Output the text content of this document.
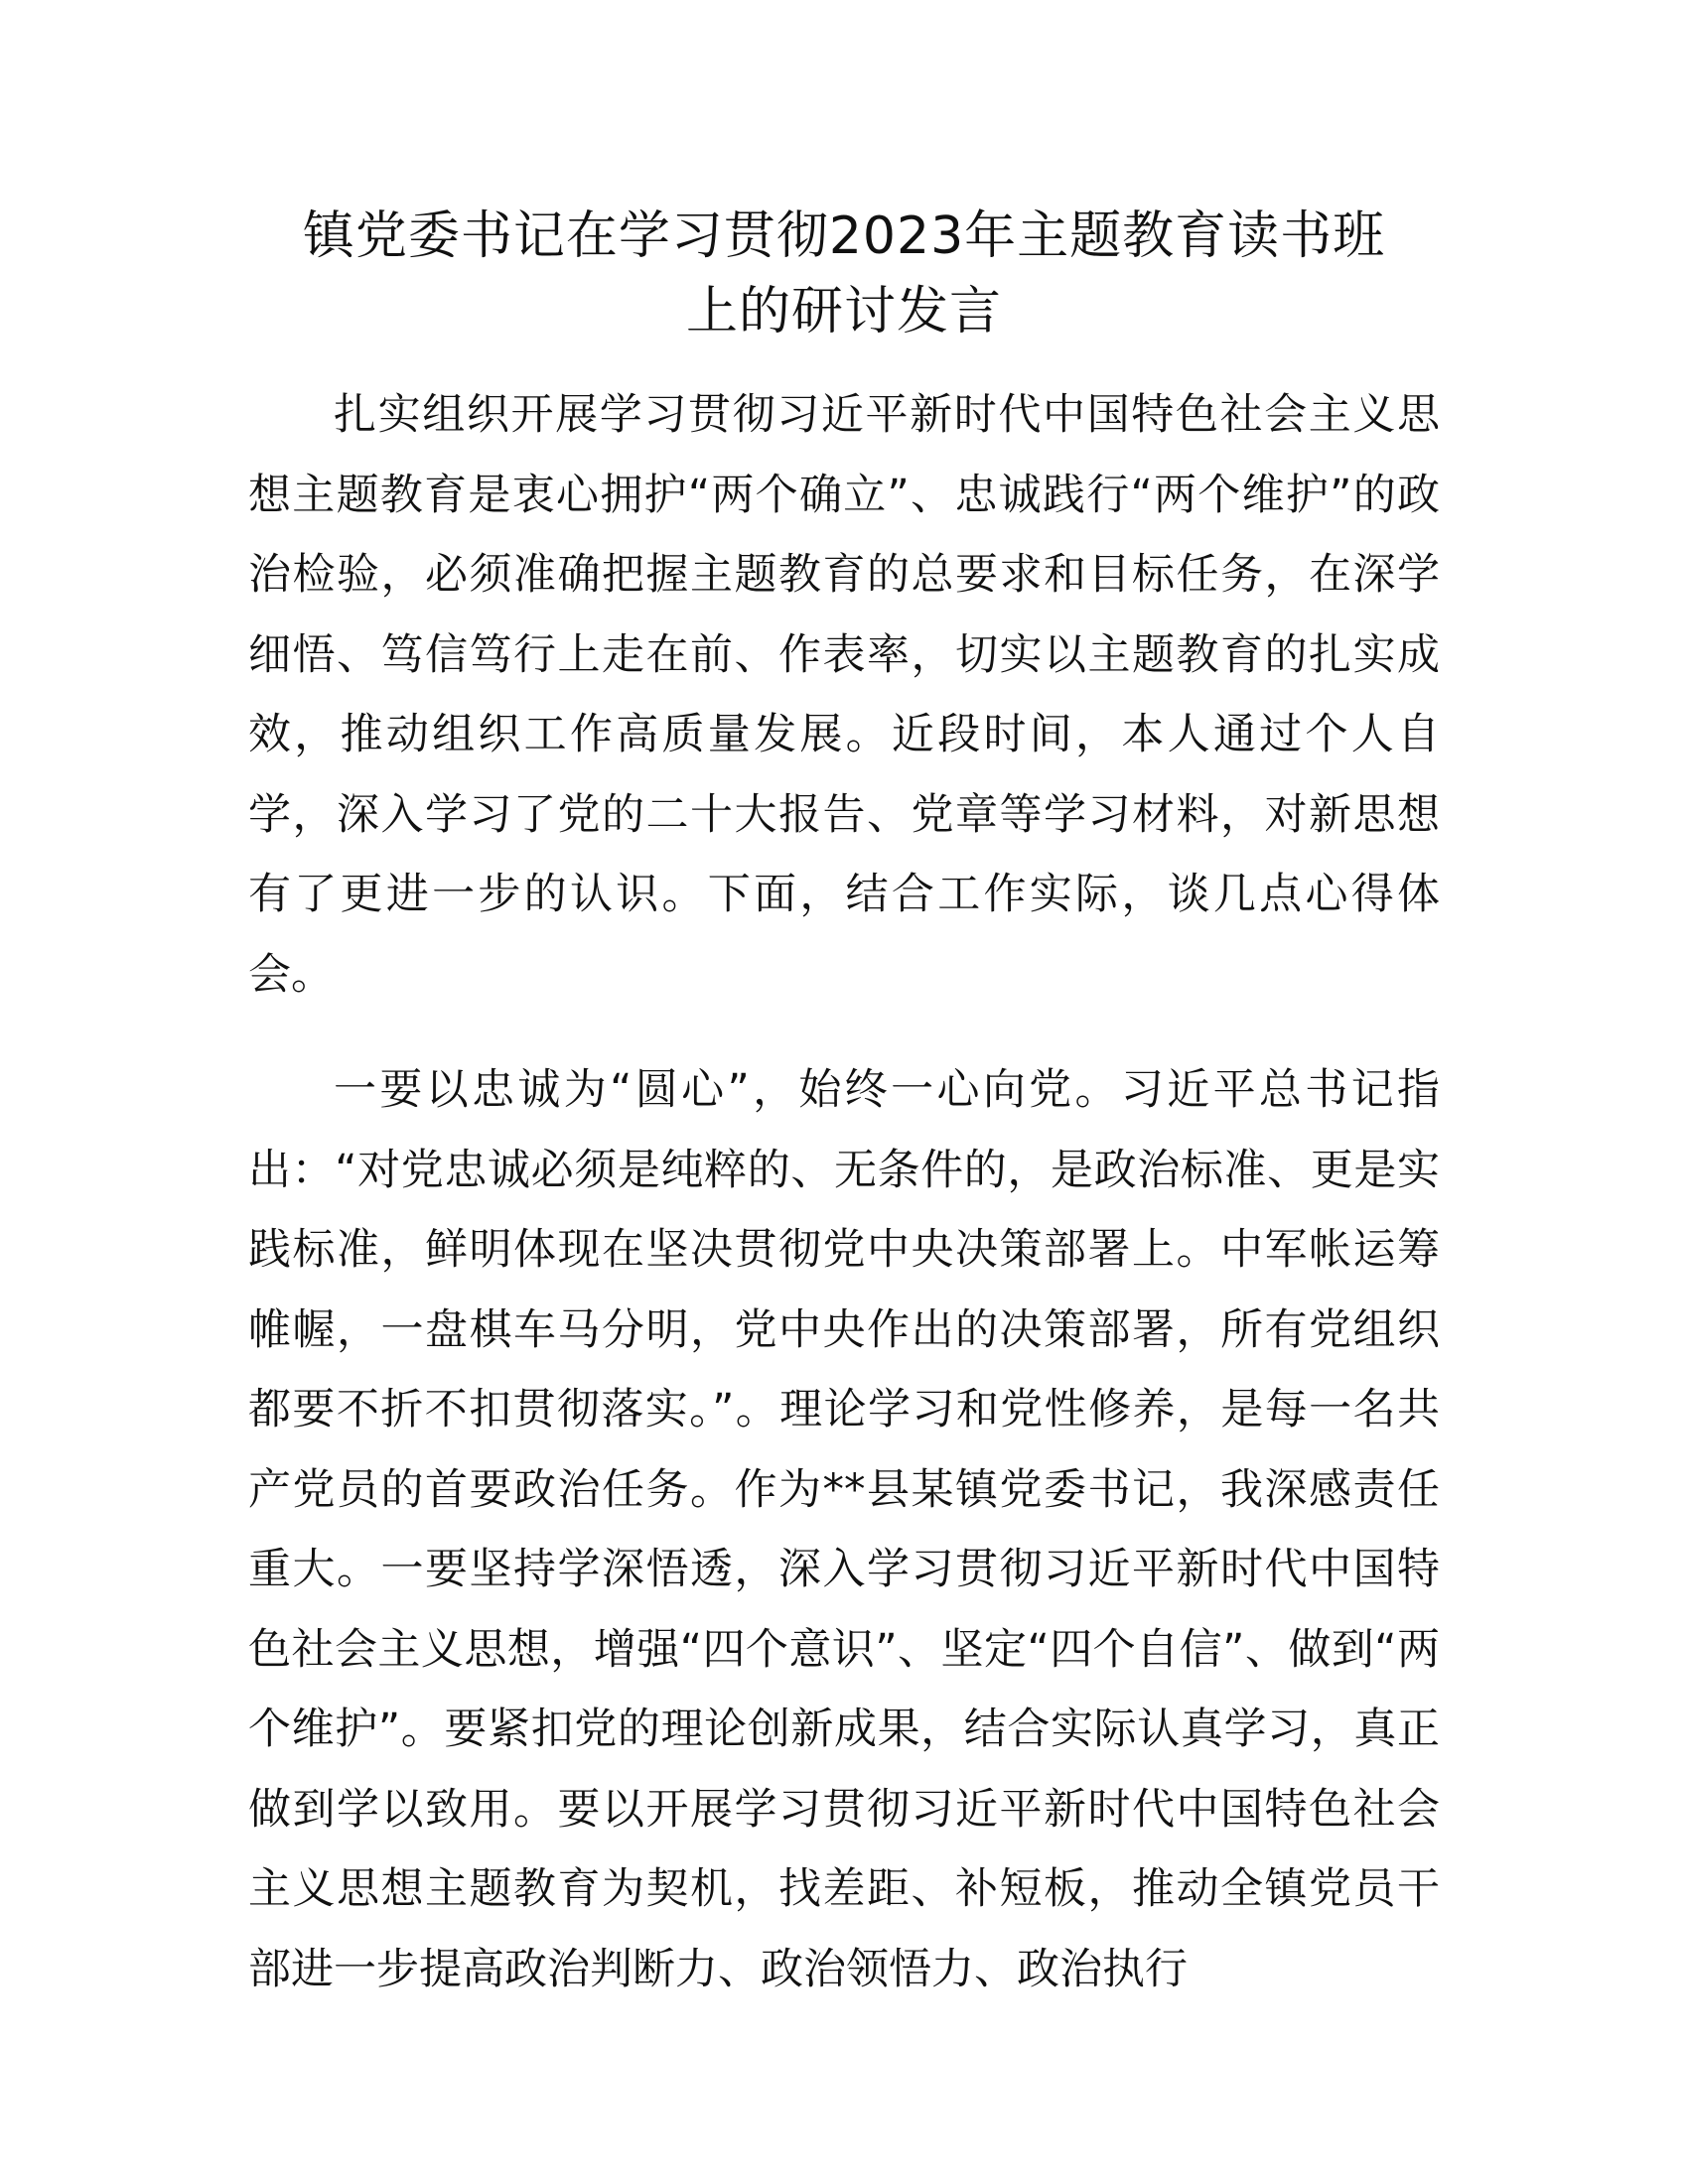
镇党委书记在学习贯彻2023年主题教育读书班
上的研讨发言

扎实组织开展学习贯彻习近平新时代中国特色社会主义思想主题教育是衷心拥护“两个确立”、忠诚践行“两个维护”的政治检验，必须准确把握主题教育的总要求和目标任务，在深学细悟、笃信笃行上走在前、作表率，切实以主题教育的扎实成效，推动组织工作高质量发展。近段时间，本人通过个人自学，深入学习了党的二十大报告、党章等学习材料，对新思想有了更进一步的认识。下面，结合工作实际，谈几点心得体会。

一要以忠诚为“圆心”，始终一心向党。习近平总书记指出：“对党忠诚必须是纯粹的、无条件的，是政治标准、更是实践标准，鲜明体现在坚决贯彻党中央决策部署上。中军帐运筹帷幄，一盘棋车马分明，党中央作出的决策部署，所有党组织都要不折不扣贯彻落实。”。理论学习和党性修养，是每一名共产党员的首要政治任务。作为**县某镇党委书记，我深感责任重大。一要坚持学深悟透，深入学习贯彻习近平新时代中国特色社会主义思想，增强“四个意识”、坚定“四个自信”、做到“两个维护”。要紧扣党的理论创新成果，结合实际认真学习，真正做到学以致用。要以开展学习贯彻习近平新时代中国特色社会主义思想主题教育为契机，找差距、补短板，推动全镇党员干部进一步提高政治判断力、政治领悟力、政治执行
